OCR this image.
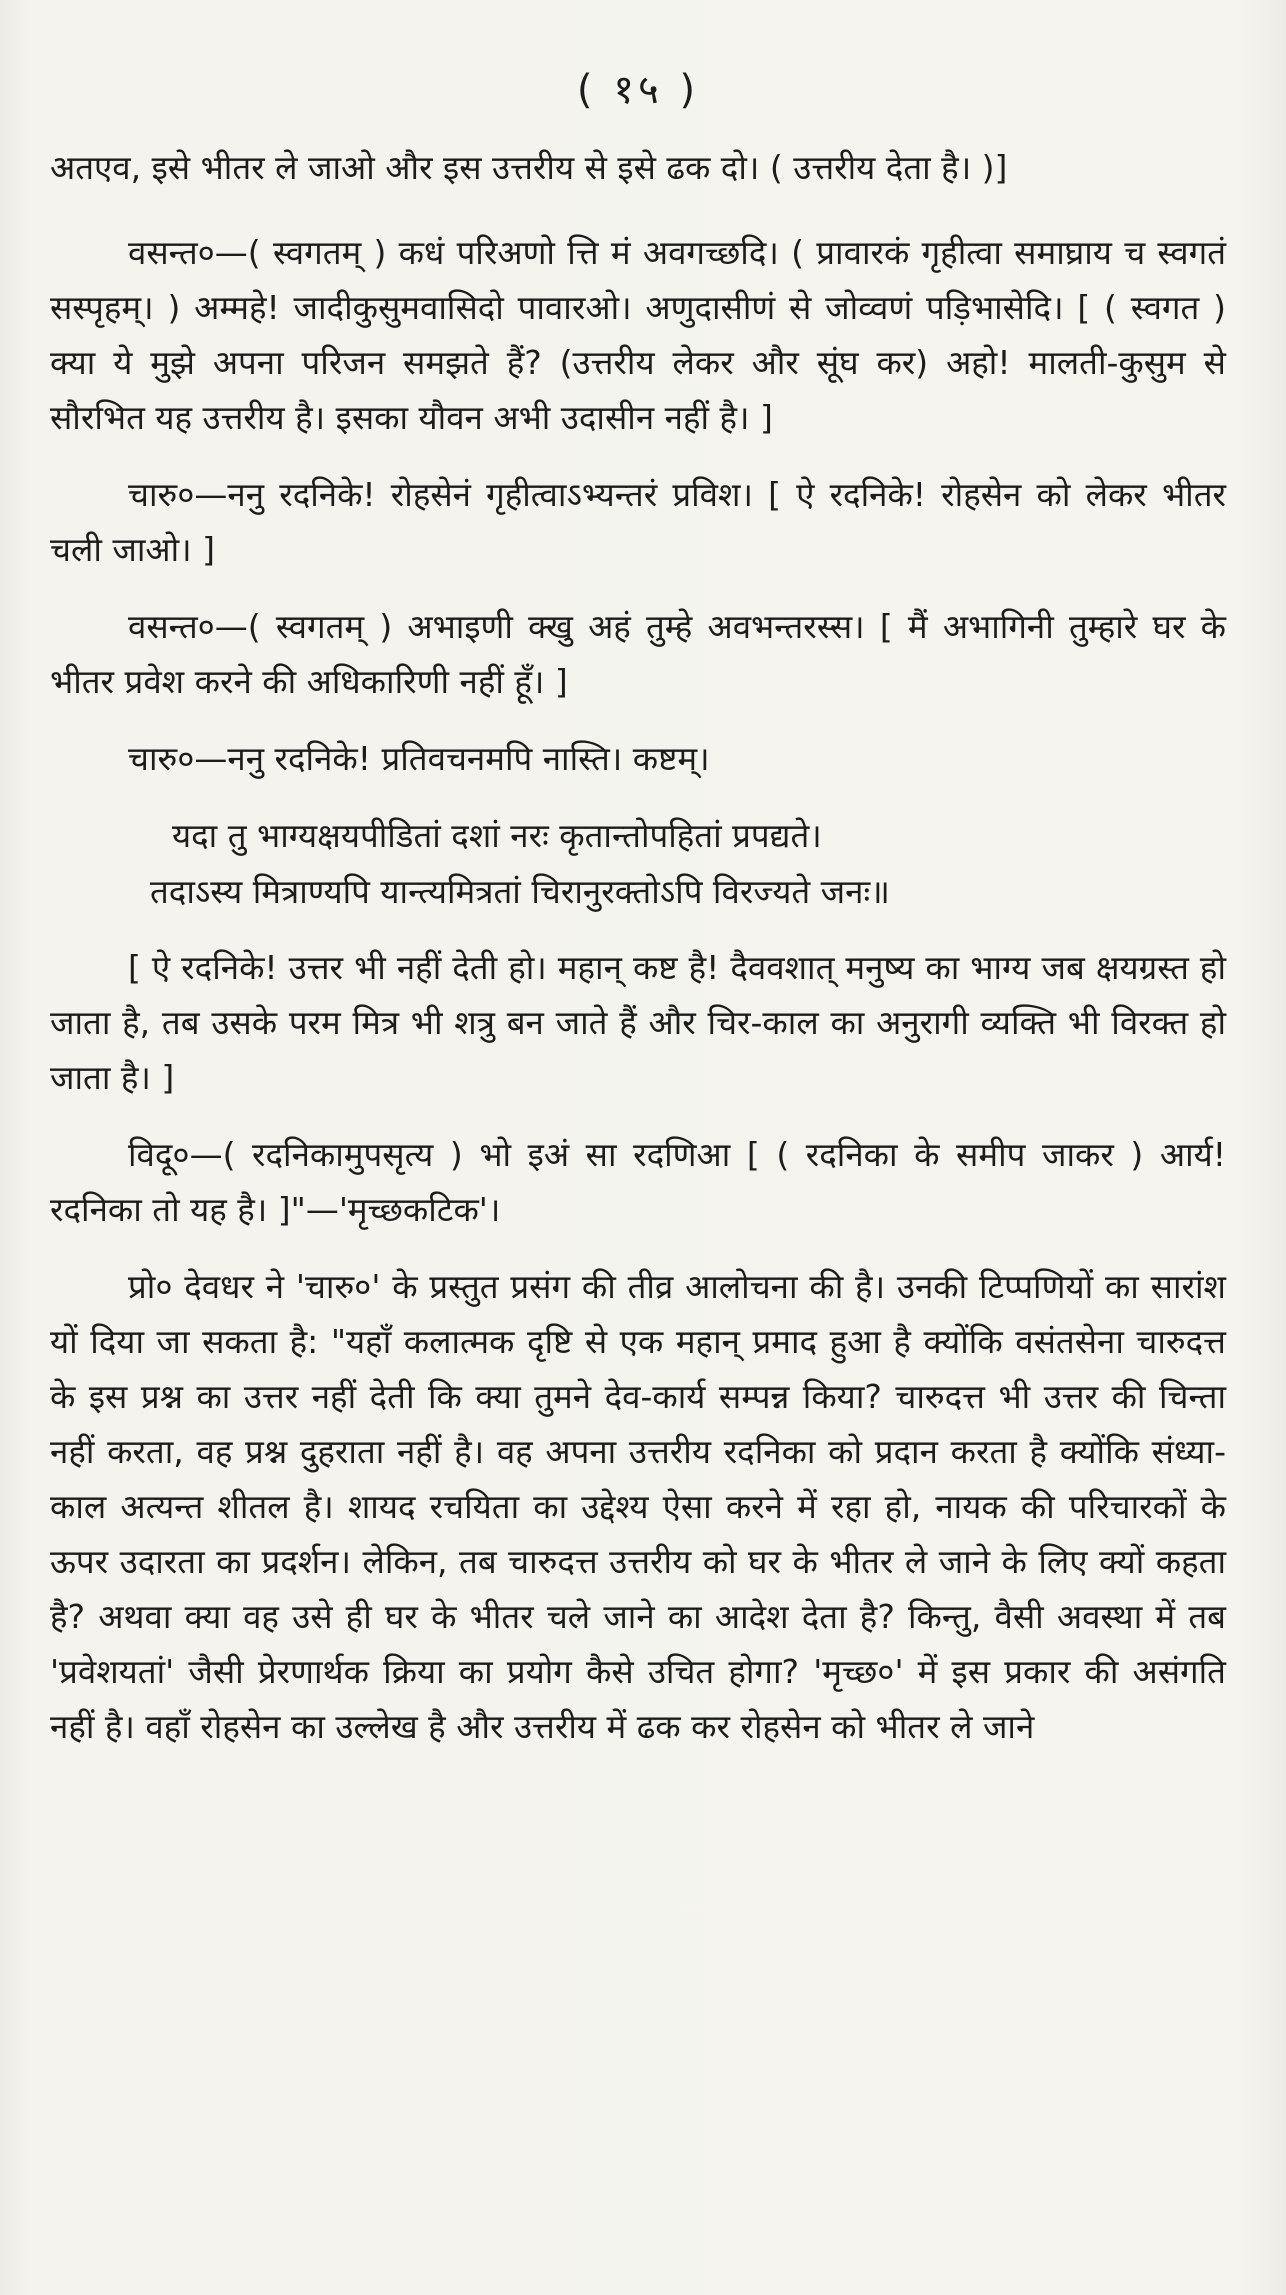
( १५ )

अतएव, इसे भीतर ले जाओ और इस उत्तरीय से इसे ढक दो। ( उत्तरीय देता है। )]

वसन्त०—( स्वगतम् ) कधं परिअणो त्ति मं अवगच्छदि। ( प्रावारकं गृहीत्वा समाघ्राय च स्वगतं सस्पृहम्। ) अम्महे! जादीकुसुमवासिदो पावारओ। अणुदासीणं से जोव्वणं पड़िभासेदि। [ ( स्वगत ) क्या ये मुझे अपना परिजन समझते हैं? (उत्तरीय लेकर और सूंघ कर) अहो! मालती-कुसुम से सौरभित यह उत्तरीय है। इसका यौवन अभी उदासीन नहीं है। ]

चारु०—ननु रदनिके! रोहसेनं गृहीत्वाऽभ्यन्तरं प्रविश। [ ऐ रदनिके! रोहसेन को लेकर भीतर चली जाओ। ]

वसन्त०—( स्वगतम् ) अभाइणी क्खु अहं तुम्हे अवभन्तरस्स। [ मैं अभागिनी तुम्हारे घर के भीतर प्रवेश करने की अधिकारिणी नहीं हूँ। ]

चारु०—ननु रदनिके! प्रतिवचनमपि नास्ति। कष्टम्।

यदा तु भाग्यक्षयपीडितां दशां नरः कृतान्तोपहितां प्रपद्यते।
तदाऽस्य मित्राण्यपि यान्त्यमित्रतां चिरानुरक्तोऽपि विरज्यते जनः॥

[ ऐ रदनिके! उत्तर भी नहीं देती हो। महान् कष्ट है! दैववशात् मनुष्य का भाग्य जब क्षयग्रस्त हो जाता है, तब उसके परम मित्र भी शत्रु बन जाते हैं और चिर-काल का अनुरागी व्यक्ति भी विरक्त हो जाता है। ]

विदू०—( रदनिकामुपसृत्य ) भो इअं सा रदणिआ [ ( रदनिका के समीप जाकर ) आर्य! रदनिका तो यह है। ]"—'मृच्छकटिक'।

प्रो० देवधर ने 'चारु०' के प्रस्तुत प्रसंग की तीव्र आलोचना की है। उनकी टिप्पणियों का सारांश यों दिया जा सकता है: "यहाँ कलात्मक दृष्टि से एक महान् प्रमाद हुआ है क्योंकि वसंतसेना चारुदत्त के इस प्रश्न का उत्तर नहीं देती कि क्या तुमने देव-कार्य सम्पन्न किया? चारुदत्त भी उत्तर की चिन्ता नहीं करता, वह प्रश्न दुहराता नहीं है। वह अपना उत्तरीय रदनिका को प्रदान करता है क्योंकि संध्या-काल अत्यन्त शीतल है। शायद रचयिता का उद्देश्य ऐसा करने में रहा हो, नायक की परिचारकों के ऊपर उदारता का प्रदर्शन। लेकिन, तब चारुदत्त उत्तरीय को घर के भीतर ले जाने के लिए क्यों कहता है? अथवा क्या वह उसे ही घर के भीतर चले जाने का आदेश देता है? किन्तु, वैसी अवस्था में तब 'प्रवेशयतां' जैसी प्रेरणार्थक क्रिया का प्रयोग कैसे उचित होगा? 'मृच्छ०' में इस प्रकार की असंगति नहीं है। वहाँ रोहसेन का उल्लेख है और उत्तरीय में ढक कर रोहसेन को भीतर ले जाने
